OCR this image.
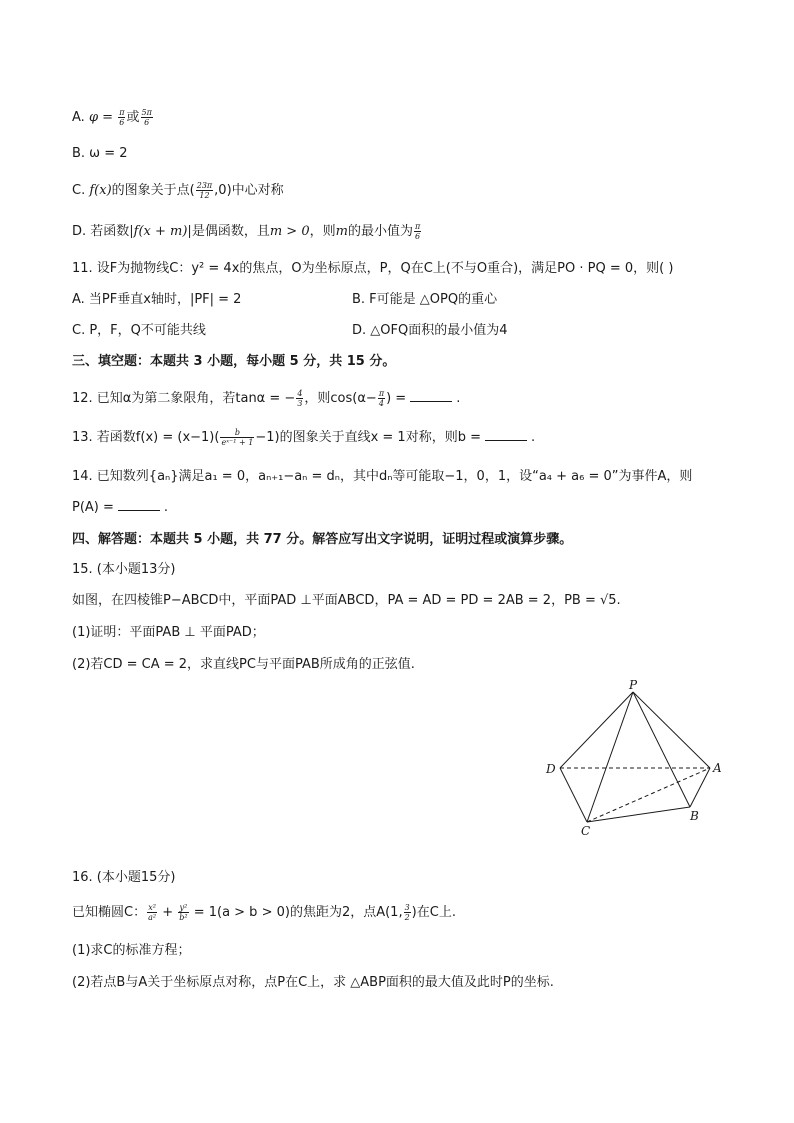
A. $\varphi = \frac{\pi}{6}$ 或 $\frac{5\pi}{6}$
B. ω = 2
C. f(x)的图象关于点( $\frac{23\pi}{12} ,0$)中心对称
D. 若函数|f(x + m)|是偶函数，且m > 0，则m的最小值为 $\frac{\pi}{6}$
11. 设F为抛物线C：y² = 4x的焦点，O为坐标原点，P，Q在C上(不与O重合)，满足PO · PQ = 0，则( )
A. 当PF垂直x轴时，|PF| = 2	B. F可能是 △OPQ的重心
C. P，F，Q不可能共线	D. △OFQ面积的最小值为4
三、填空题：本题共 3 小题，每小题 5 分，共 15 分。
12. 已知α为第二象限角，若tanα = − $\frac{4}{3}$ ，则$\cos(\alpha- \frac{\pi}{4}$ ) =	.
13. 若函数$f(x) = (x-1)( \frac{b}{\text{eˣ⁻¹ + 1}} -1)$的图象关于直线x = 1对称，则b =	.
14. 已知数列{aₙ}满足a₁ = 0，aₙ₊₁−aₙ = dₙ，其中dₙ等可能取−1，0，1，设“a₄ + a₆ = 0”为事件A，则
P(A) =	.
四、解答题：本题共 5 小题，共 77 分。解答应写出文字说明，证明过程或演算步骤。
15. (本小题13分)
如图，在四棱锥P−ABCD中，平面PAD ⊥平面ABCD，PA = AD = PD = 2AB = 2，PB = √5.
(1)证明：平面PAB ⊥ 平面PAD；
(2)若CD = CA = 2，求直线PC与平面PAB所成角的正弦值.
P
A
B
C
D
16. (本小题15分)
已知椭圆C： $\frac{\text{x²}}{\text{a²}} + \frac{\text{y²}}{\text{b²}} = 1(a > b > 0)$的焦距为2，点A(1, $\frac{3}{2}$ )在C上.
(1)求C的标准方程；
(2)若点B与A关于坐标原点对称，点P在C上，求 △ABP面积的最大值及此时P的坐标.
